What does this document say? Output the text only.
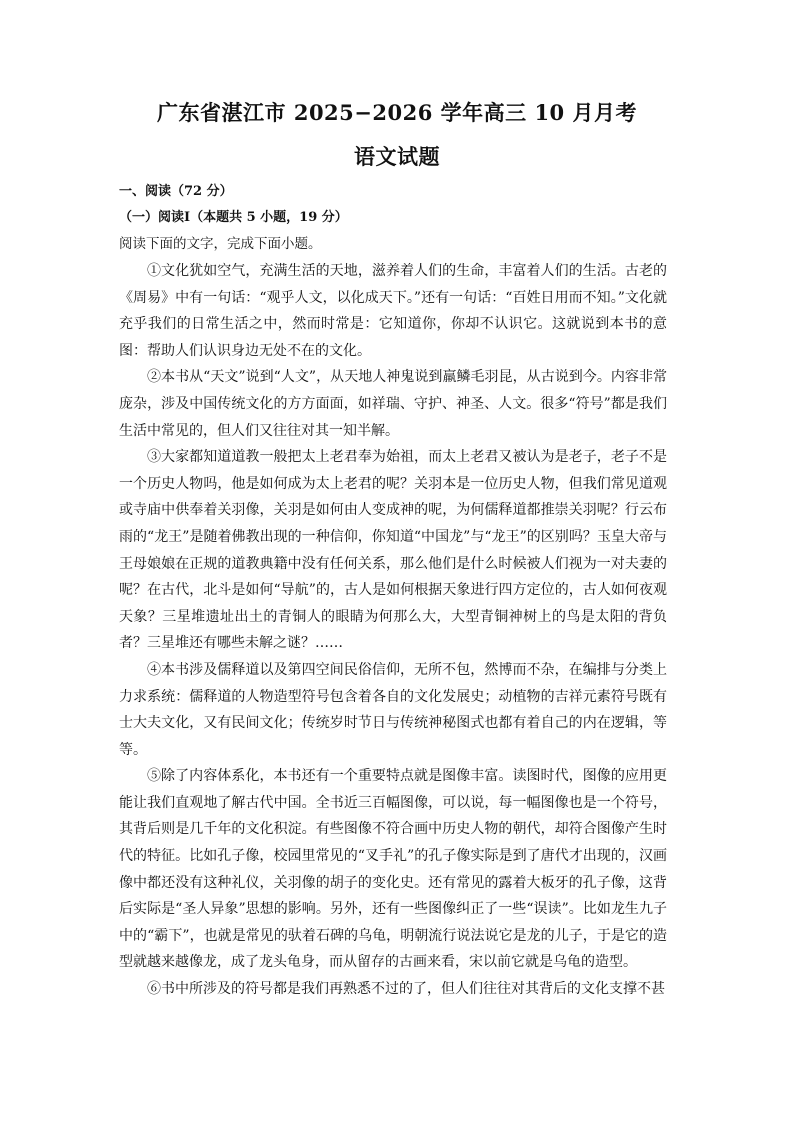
广东省湛江市 2025−2026 学年高三 10 月月考
语文试题
一、阅读（72 分）
（一）阅读Ⅰ（本题共 5 小题，19 分）
阅读下面的文字，完成下面小题。

①文化犹如空气，充满生活的天地，滋养着人们的生命，丰富着人们的生活。古老的《周易》中有一句话：“观乎人文，以化成天下。”还有一句话：“百姓日用而不知。”文化就充乎我们的日常生活之中，然而时常是：它知道你，你却不认识它。这就说到本书的意图：帮助人们认识身边无处不在的文化。

②本书从“天文”说到“人文”，从天地人神鬼说到羸鳞毛羽昆，从古说到今。内容非常庞杂，涉及中国传统文化的方方面面，如祥瑞、守护、神圣、人文。很多“符号”都是我们生活中常见的，但人们又往往对其一知半解。

③大家都知道道教一般把太上老君奉为始祖，而太上老君又被认为是老子，老子不是一个历史人物吗，他是如何成为太上老君的呢？关羽本是一位历史人物，但我们常见道观或寺庙中供奉着关羽像，关羽是如何由人变成神的呢，为何儒释道都推崇关羽呢？行云布雨的“龙王”是随着佛教出现的一种信仰，你知道“中国龙”与“龙王”的区别吗？玉皇大帝与王母娘娘在正规的道教典籍中没有任何关系，那么他们是什么时候被人们视为一对夫妻的呢？在古代，北斗是如何“导航”的，古人是如何根据天象进行四方定位的，古人如何夜观天象？三星堆遗址出土的青铜人的眼睛为何那么大，大型青铜神树上的鸟是太阳的背负者？三星堆还有哪些未解之谜？……

④本书涉及儒释道以及第四空间民俗信仰，无所不包，然博而不杂，在编排与分类上力求系统：儒释道的人物造型符号包含着各自的文化发展史；动植物的吉祥元素符号既有士大夫文化，又有民间文化；传统岁时节日与传统神秘图式也都有着自己的内在逻辑，等等。

⑤除了内容体系化，本书还有一个重要特点就是图像丰富。读图时代，图像的应用更能让我们直观地了解古代中国。全书近三百幅图像，可以说，每一幅图像也是一个符号，其背后则是几千年的文化积淀。有些图像不符合画中历史人物的朝代，却符合图像产生时代的特征。比如孔子像，校园里常见的“叉手礼”的孔子像实际是到了唐代才出现的，汉画像中都还没有这种礼仪，关羽像的胡子的变化史。还有常见的露着大板牙的孔子像，这背后实际是“圣人异象”思想的影响。另外，还有一些图像纠正了一些“误读”。比如龙生九子中的“霸下”，也就是常见的驮着石碑的乌龟，明朝流行说法说它是龙的儿子，于是它的造型就越来越像龙，成了龙头龟身，而从留存的古画来看，宋以前它就是乌龟的造型。

⑥书中所涉及的符号都是我们再熟悉不过的了，但人们往往对其背后的文化支撑不甚
